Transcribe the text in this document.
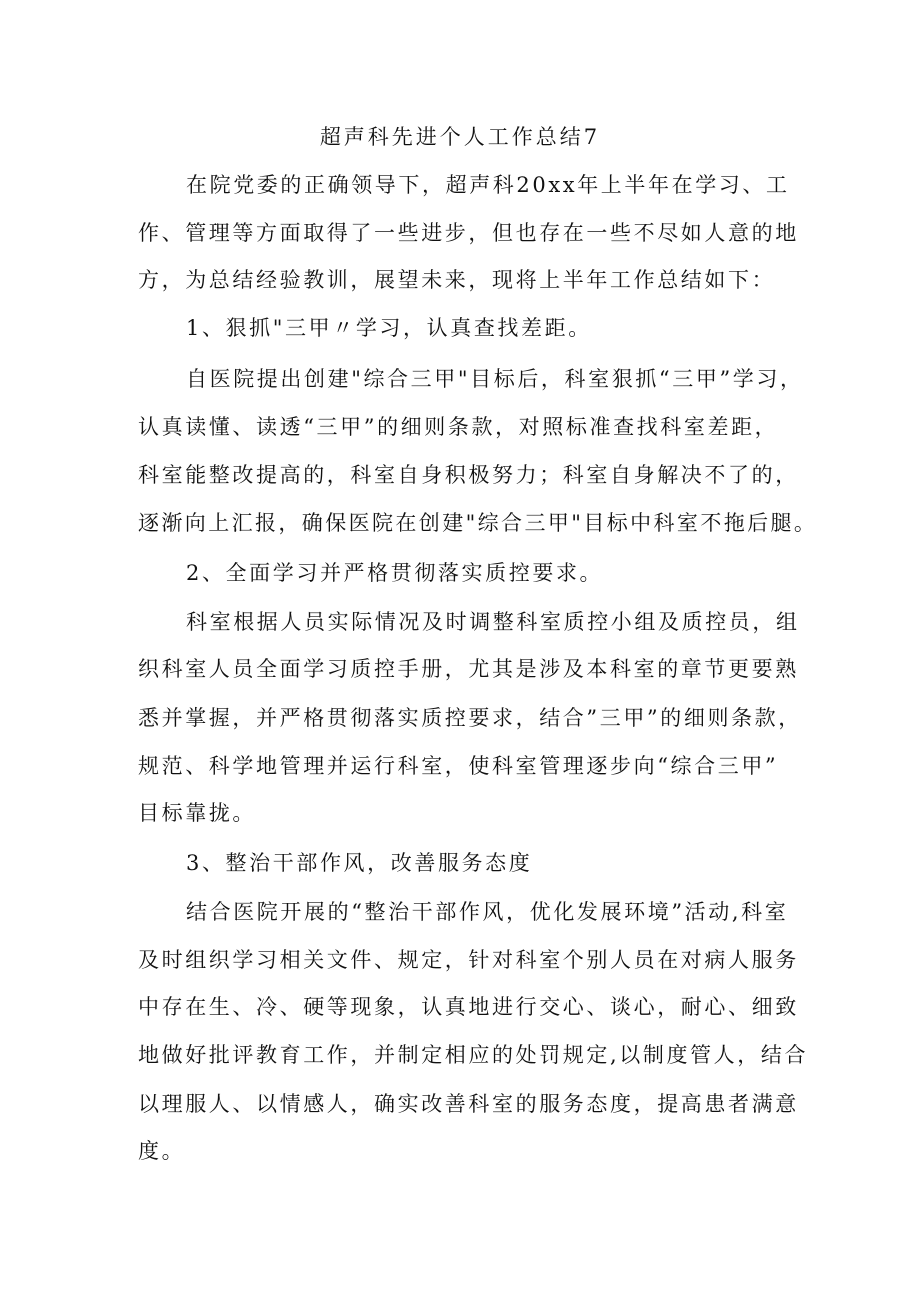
超声科先进个人工作总结7
在院党委的正确领导下，超声科20xx年上半年在学习、工
作、管理等方面取得了一些进步，但也存在一些不尽如人意的地
方，为总结经验教训，展望未来，现将上半年工作总结如下：
1、狠抓"三甲〃学习，认真查找差距。
自医院提出创建"综合三甲"目标后，科室狠抓“三甲”学习，
认真读懂、读透“三甲”的细则条款，对照标准查找科室差距，
科室能整改提高的，科室自身积极努力；科室自身解决不了的，
逐渐向上汇报，确保医院在创建"综合三甲"目标中科室不拖后腿。
2、全面学习并严格贯彻落实质控要求。
科室根据人员实际情况及时调整科室质控小组及质控员，组
织科室人员全面学习质控手册，尤其是涉及本科室的章节更要熟
悉并掌握，并严格贯彻落实质控要求，结合”三甲”的细则条款，
规范、科学地管理并运行科室，使科室管理逐步向“综合三甲”
目标靠拢。
3、整治干部作风，改善服务态度
结合医院开展的“整治干部作风，优化发展环境”活动,科室
及时组织学习相关文件、规定，针对科室个别人员在对病人服务
中存在生、冷、硬等现象，认真地进行交心、谈心，耐心、细致
地做好批评教育工作，并制定相应的处罚规定,以制度管人，结合
以理服人、以情感人，确实改善科室的服务态度，提高患者满意
度。
